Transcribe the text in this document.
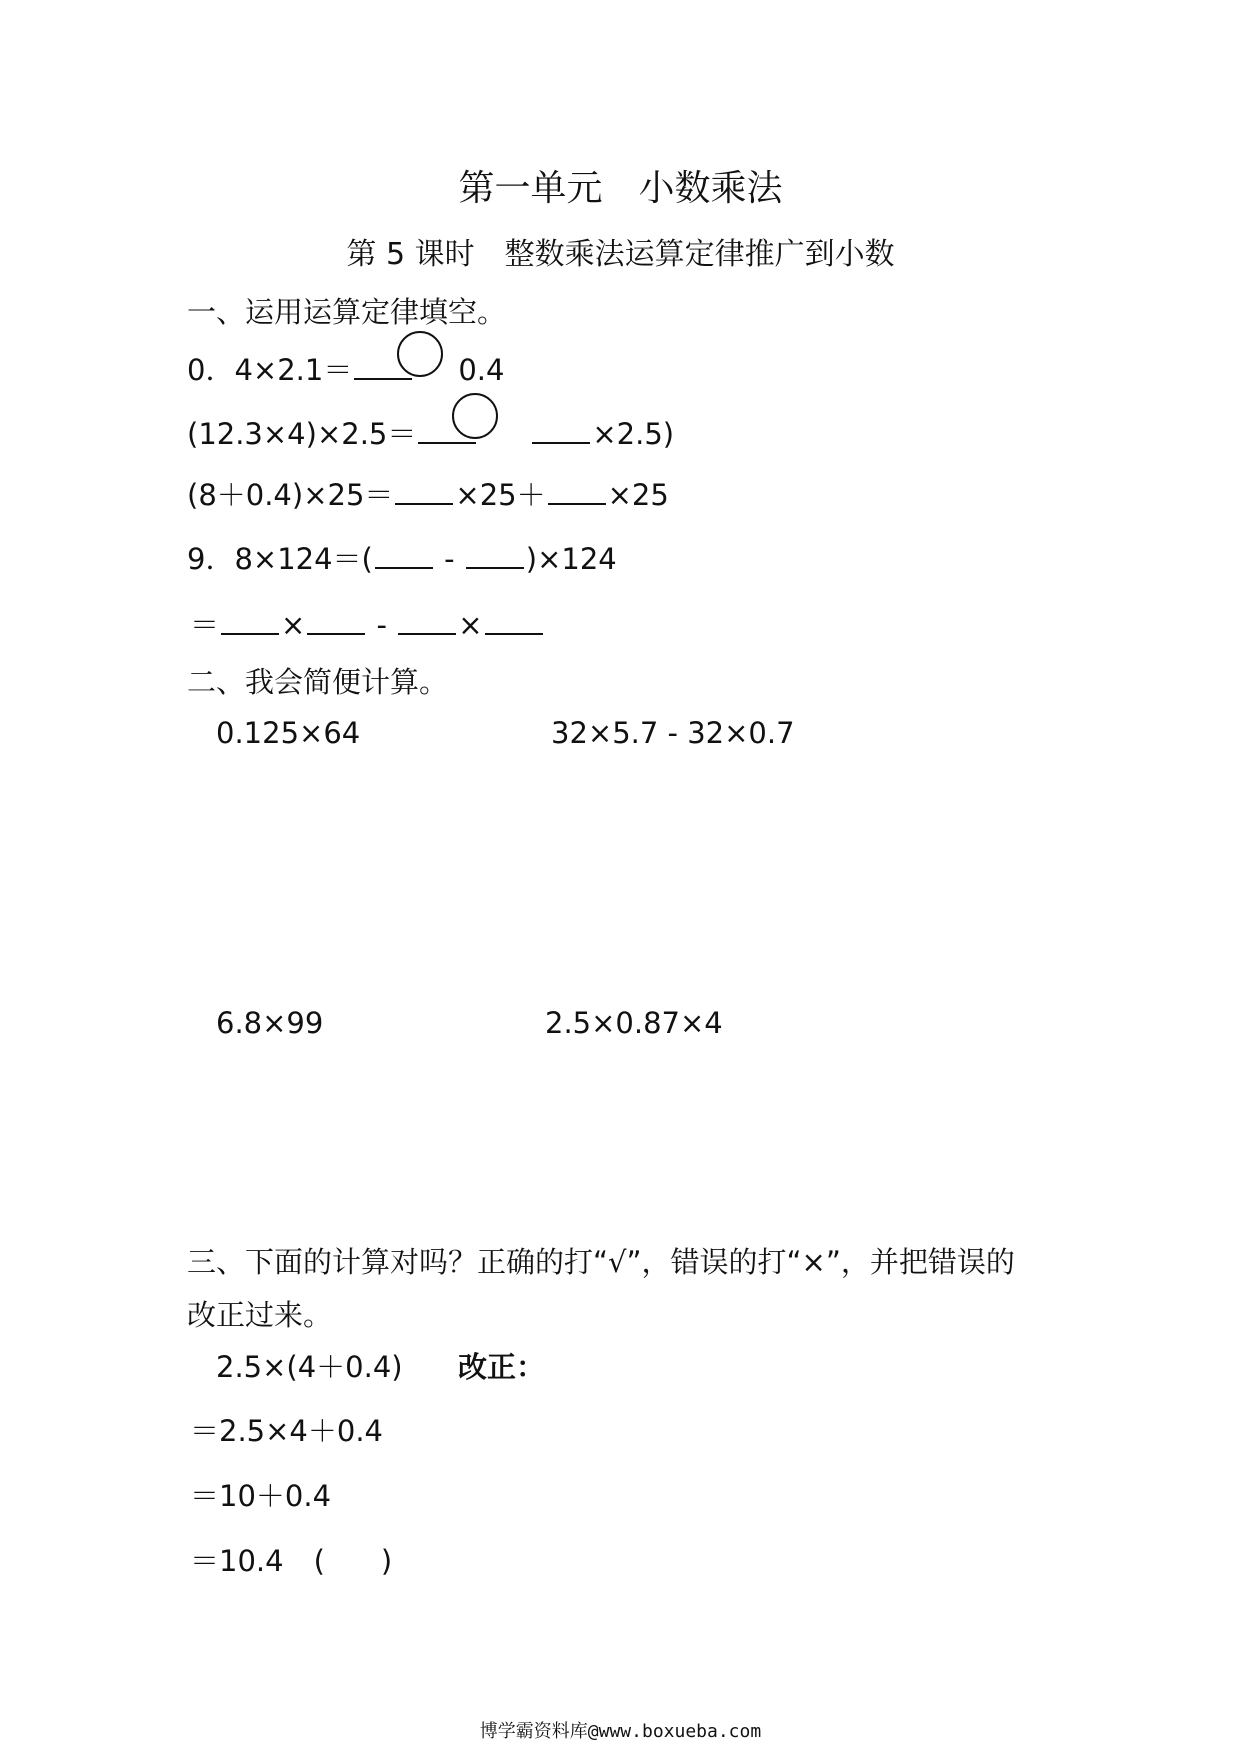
第一单元　小数乘法
第 5 课时　整数乘法运算定律推广到小数
一、运用运算定律填空。
0．4×2.1＝	0.4
(12.3×4)×2.5＝	×2.5)
(8＋0.4)×25＝ ×25＋ ×25
9．8×124＝( - )×124
＝ × - ×
二、我会简便计算。
0.125×64	32×5.7 - 32×0.7
6.8×99	2.5×0.87×4
三、下面的计算对吗？正确的打“√”，错误的打“×”，并把错误的
改正过来。
2.5×(4＋0.4) 改正：
＝2.5×4＋0.4
＝10＋0.4
＝10.4 ( )
博学霸资料库@www.boxueba.com
